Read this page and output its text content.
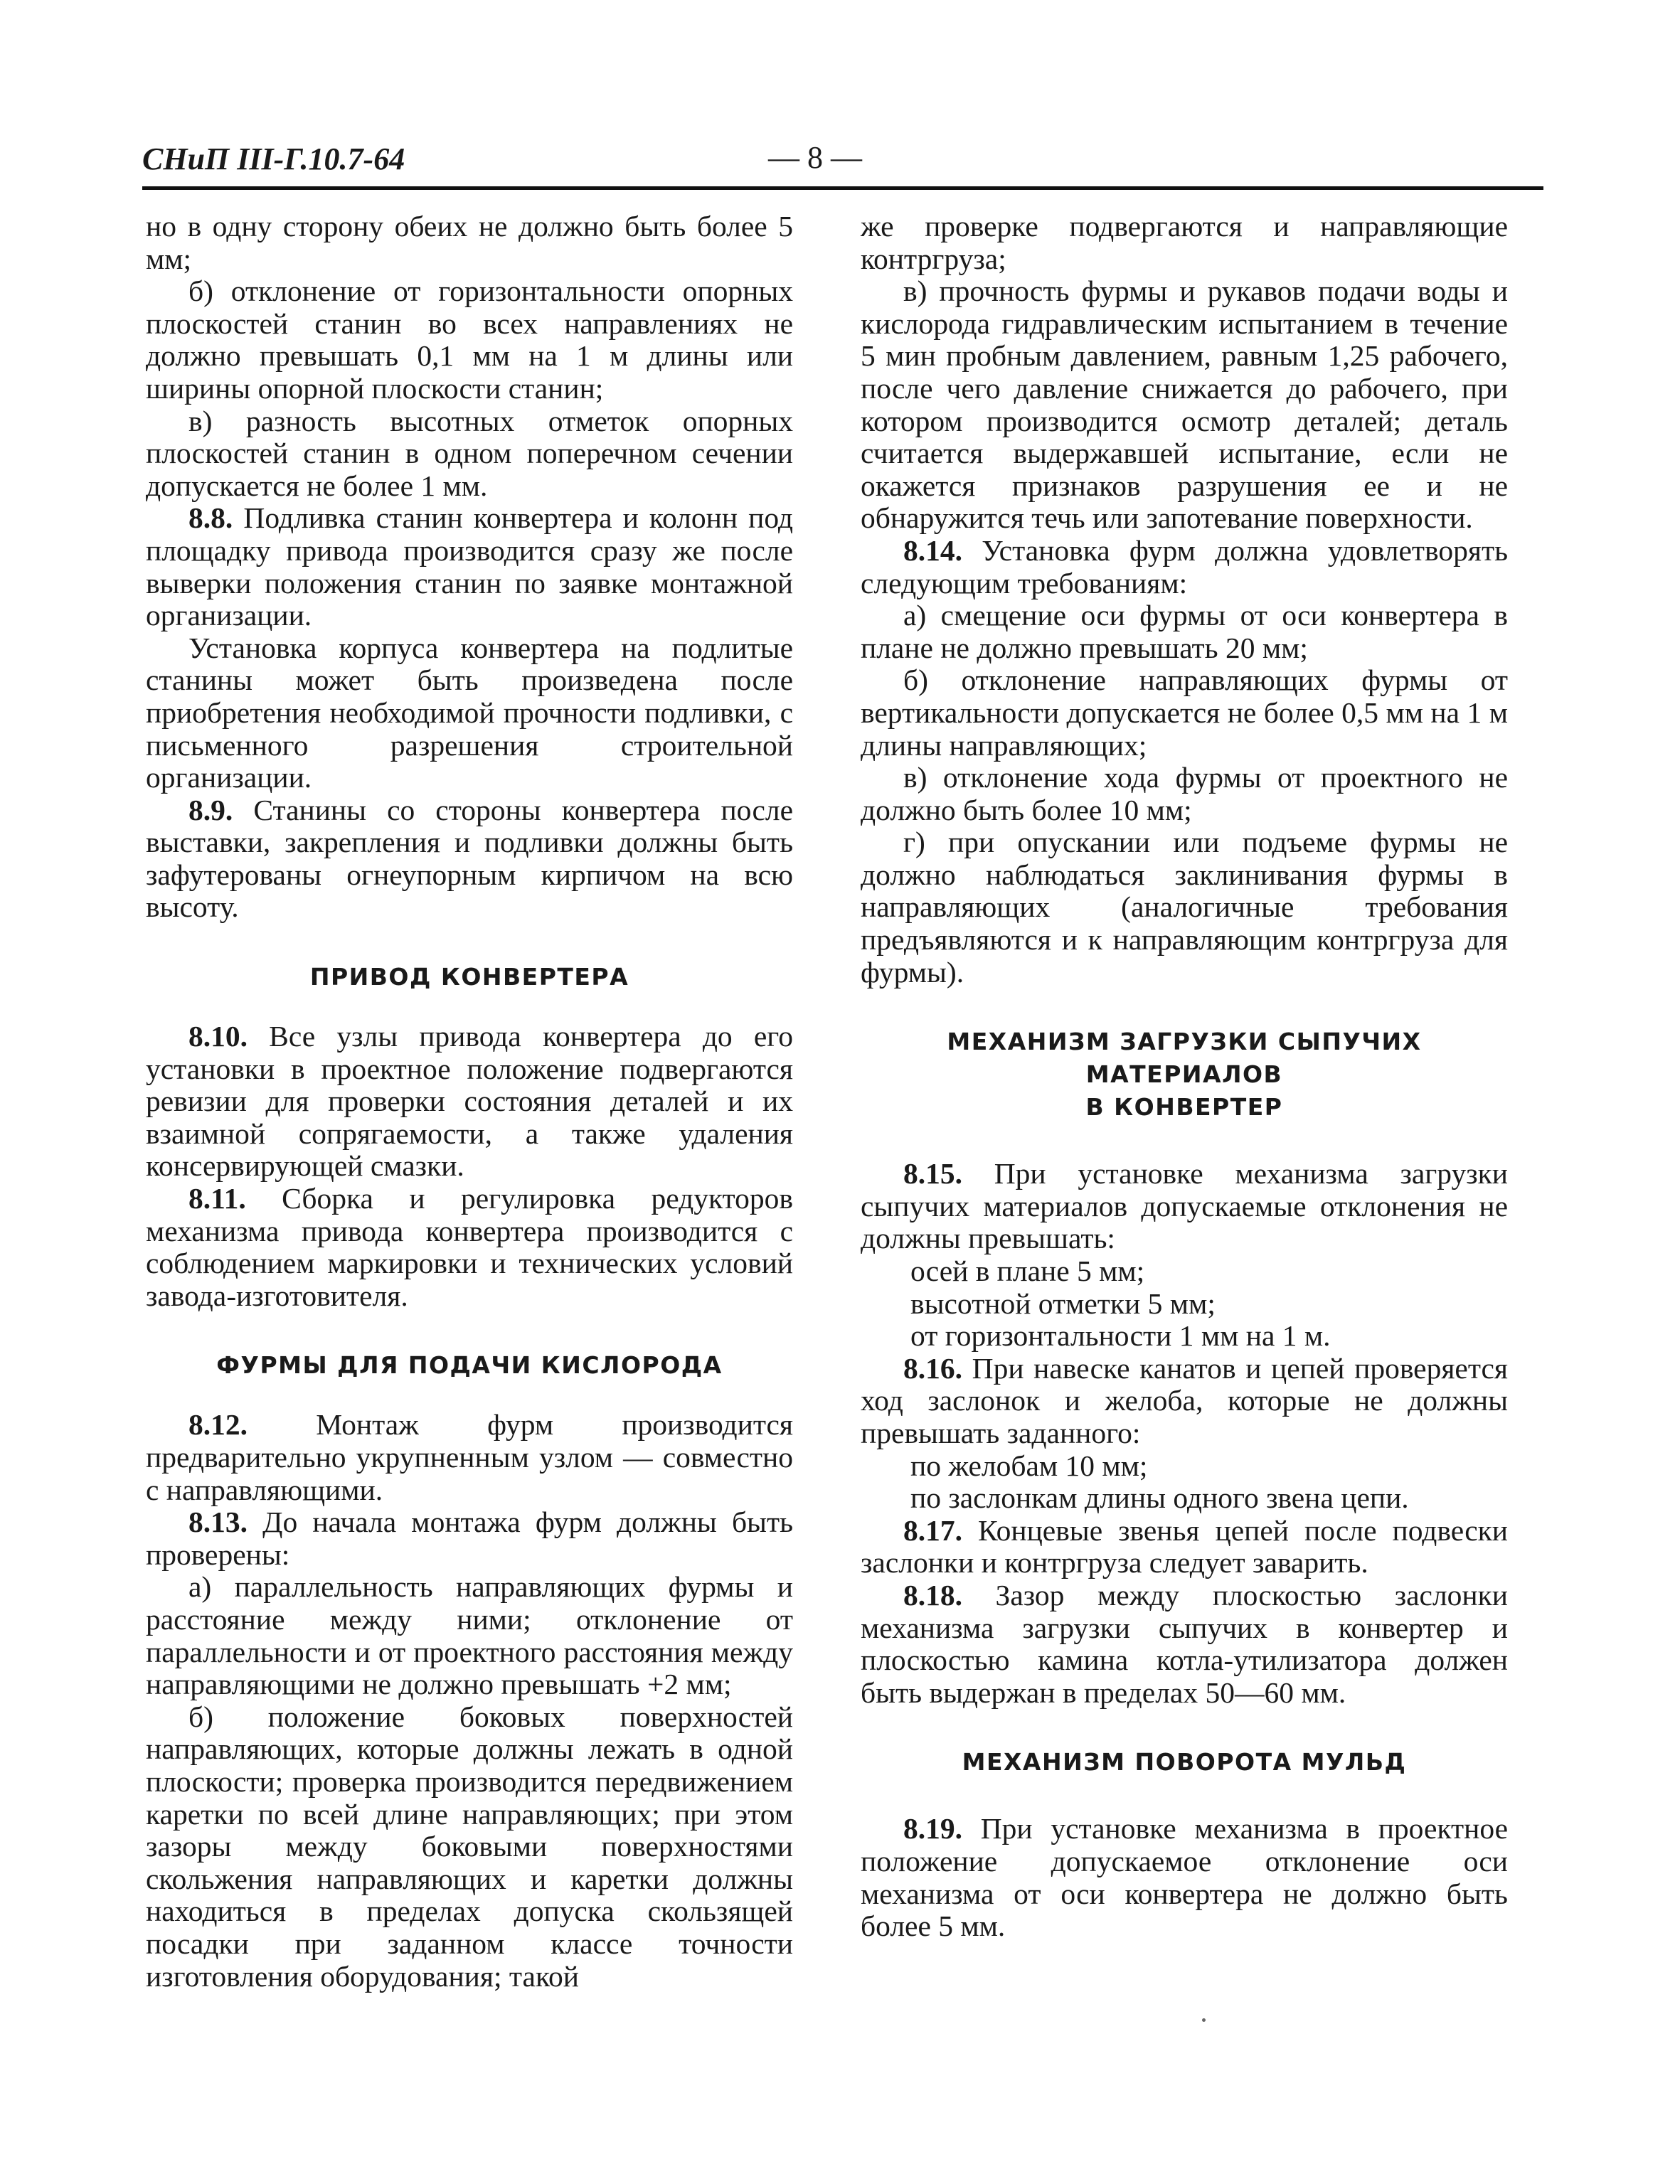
СНиП III-Г.10.7-64	— 8 —

но в одну сторону обеих не должно быть более 5 мм;

б) отклонение от горизонтальности опорных плоскостей станин во всех направлениях не должно превышать 0,1 мм на 1 м длины или ширины опорной плоскости станин;

в) разность высотных отметок опорных плоскостей станин в одном поперечном сечении допускается не более 1 мм.

8.8. Подливка станин конвертера и колонн под площадку привода производится сразу же после выверки положения станин по заявке монтажной организации.

Установка корпуса конвертера на подлитые станины может быть произведена после приобретения необходимой прочности подливки, с письменного разрешения строительной организации.

8.9. Станины со стороны конвертера после выставки, закрепления и подливки должны быть зафутерованы огнеупорным кирпичом на всю высоту.

ПРИВОД КОНВЕРТЕРА

8.10. Все узлы привода конвертера до его установки в проектное положение подвергаются ревизии для проверки состояния деталей и их взаимной сопрягаемости, а также удаления консервирующей смазки.

8.11. Сборка и регулировка редукторов механизма привода конвертера производится с соблюдением маркировки и технических условий завода-изготовителя.

ФУРМЫ ДЛЯ ПОДАЧИ КИСЛОРОДА

8.12. Монтаж фурм производится предварительно укрупненным узлом — совместно с направляющими.

8.13. До начала монтажа фурм должны быть проверены:

а) параллельность направляющих фурмы и расстояние между ними; отклонение от параллельности и от проектного расстояния между направляющими не должно превышать +2 мм;

б) положение боковых поверхностей направляющих, которые должны лежать в одной плоскости; проверка производится передвижением каретки по всей длине направляющих; при этом зазоры между боковыми поверхностями скольжения направляющих и каретки должны находиться в пределах допуска скользящей посадки при заданном классе точности изготовления оборудования; такой

же проверке подвергаются и направляющие контргруза;

в) прочность фурмы и рукавов подачи воды и кислорода гидравлическим испытанием в течение 5 мин пробным давлением, равным 1,25 рабочего, после чего давление снижается до рабочего, при котором производится осмотр деталей; деталь считается выдержавшей испытание, если не окажется признаков разрушения ее и не обнаружится течь или запотевание поверхности.

8.14. Установка фурм должна удовлетворять следующим требованиям:

а) смещение оси фурмы от оси конвертера в плане не должно превышать 20 мм;

б) отклонение направляющих фурмы от вертикальности допускается не более 0,5 мм на 1 м длины направляющих;

в) отклонение хода фурмы от проектного не должно быть более 10 мм;

г) при опускании или подъеме фурмы не должно наблюдаться заклинивания фурмы в направляющих (аналогичные требования предъявляются и к направляющим контргруза для фурмы).

МЕХАНИЗМ ЗАГРУЗКИ СЫПУЧИХ МАТЕРИАЛОВ
В КОНВЕРТЕР

8.15. При установке механизма загрузки сыпучих материалов допускаемые отклонения не должны превышать:

осей в плане 5 мм;

высотной отметки 5 мм;

от горизонтальности 1 мм на 1 м.

8.16. При навеске канатов и цепей проверяется ход заслонок и желоба, которые не должны превышать заданного:

по желобам 10 мм;

по заслонкам длины одного звена цепи.

8.17. Концевые звенья цепей после подвески заслонки и контргруза следует заварить.

8.18. Зазор между плоскостью заслонки механизма загрузки сыпучих в конвертер и плоскостью камина котла-утилизатора должен быть выдержан в пределах 50—60 мм.

МЕХАНИЗМ ПОВОРОТА МУЛЬД

8.19. При установке механизма в проектное положение допускаемое отклонение оси механизма от оси конвертера не должно быть более 5 мм.
